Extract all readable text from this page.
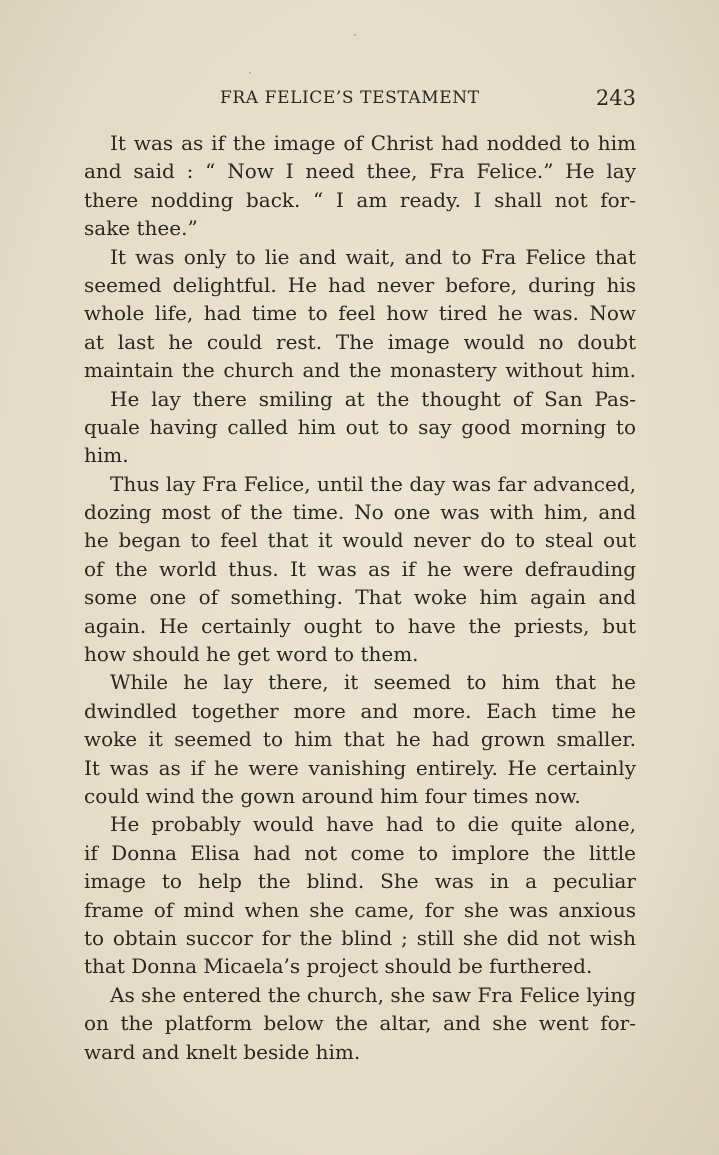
FRA FELICE’S TESTAMENT	243
It was as if the image of Christ had nodded to him
and said : “ Now I need thee, Fra Felice.” He lay
there nodding back. “ I am ready. I shall not for-
sake thee.”
It was only to lie and wait, and to Fra Felice that
seemed delightful. He had never before, during his
whole life, had time to feel how tired he was. Now
at last he could rest. The image would no doubt
maintain the church and the monastery without him.
He lay there smiling at the thought of San Pas-
quale having called him out to say good morning to
him.
Thus lay Fra Felice, until the day was far advanced,
dozing most of the time. No one was with him, and
he began to feel that it would never do to steal out
of the world thus. It was as if he were defrauding
some one of something. That woke him again and
again. He certainly ought to have the priests, but
how should he get word to them.
While he lay there, it seemed to him that he
dwindled together more and more. Each time he
woke it seemed to him that he had grown smaller.
It was as if he were vanishing entirely. He certainly
could wind the gown around him four times now.
He probably would have had to die quite alone,
if Donna Elisa had not come to implore the little
image to help the blind. She was in a peculiar
frame of mind when she came, for she was anxious
to obtain succor for the blind ; still she did not wish
that Donna Micaela’s project should be furthered.
As she entered the church, she saw Fra Felice lying
on the platform below the altar, and she went for-
ward and knelt beside him.
